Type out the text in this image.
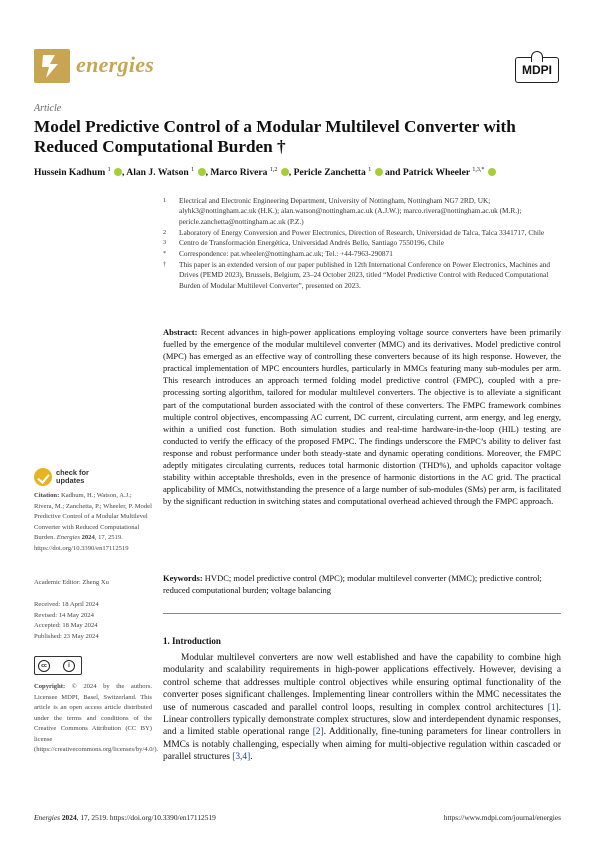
energies	MDPI
Article
Model Predictive Control of a Modular Multilevel Converter with Reduced Computational Burden †
Hussein Kadhum $^1$ , Alan J. Watson $^1$ , Marco Rivera $^{1,2}$ , Pericle Zanchetta $^1$  and Patrick Wheeler $^{1,3,*}$
1	Electrical and Electronic Engineering Department, University of Nottingham, Nottingham NG7 2RD, UK; alyhk3@nottingham.ac.uk (H.K.); alan.watson@nottingham.ac.uk (A.J.W.); marco.rivera@nottingham.ac.uk (M.R.); pericle.zanchetta@nottingham.ac.uk (P.Z.)
2	Laboratory of Energy Conversion and Power Electronics, Direction of Research, Universidad de Talca, Talca 3341717, Chile
3	Centro de Transformación Energética, Universidad Andrés Bello, Santiago 7550196, Chile
*	Correspondence: pat.wheeler@nottingham.ac.uk; Tel.: +44-7963-290871
†	This paper is an extended version of our paper published in 12th International Conference on Power Electronics, Machines and Drives (PEMD 2023), Brussels, Belgium, 23–24 October 2023, titled “Model Predictive Control with Reduced Computational Burden of Modular Multilevel Converter”, presented on 2023.
Abstract: Recent advances in high-power applications employing voltage source converters have been primarily fuelled by the emergence of the modular multilevel converter (MMC) and its derivatives. Model predictive control (MPC) has emerged as an effective way of controlling these converters because of its high response. However, the practical implementation of MPC encounters hurdles, particularly in MMCs featuring many sub-modules per arm. This research introduces an approach termed folding model predictive control (FMPC), coupled with a pre-processing sorting algorithm, tailored for modular multilevel converters. The objective is to alleviate a significant part of the computational burden associated with the control of these converters. The FMPC framework combines multiple control objectives, encompassing AC current, DC current, circulating current, arm energy, and leg energy, within a unified cost function. Both simulation studies and real-time hardware-in-the-loop (HIL) testing are conducted to verify the efficacy of the proposed FMPC. The findings underscore the FMPC’s ability to deliver fast response and robust performance under both steady-state and dynamic operating conditions. Moreover, the FMPC adeptly mitigates circulating currents, reduces total harmonic distortion (THD%), and upholds capacitor voltage stability within acceptable thresholds, even in the presence of harmonic distortions in the AC grid. The practical applicability of MMCs, notwithstanding the presence of a large number of sub-modules (SMs) per arm, is facilitated by the significant reduction in switching states and computational overhead achieved through the FMPC approach.
Keywords: HVDC; model predictive control (MPC); modular multilevel converter (MMC); predictive control; reduced computational burden; voltage balancing
1. Introduction
Modular multilevel converters are now well established and have the capability to combine high modularity and scalability requirements in high-power applications effectively. However, devising a control scheme that addresses multiple control objectives while ensuring optimal functionality of the converter poses significant challenges. Implementing linear controllers within the MMC necessitates the use of numerous cascaded and parallel control loops, resulting in complex control architectures [1]. Linear controllers typically demonstrate complex structures, slow and interdependent dynamic responses, and a limited stable operational range [2]. Additionally, fine-tuning parameters for linear controllers in MMCs is notably challenging, especially when aiming for multi-objective regulation within cascaded or parallel structures [3,4].
check for
updates
Citation: Kadhum, H.; Watson, A.J.; Rivera, M.; Zanchetta, P.; Wheeler, P. Model Predictive Control of a Modular Multilevel Converter with Reduced Computational Burden. Energies 2024, 17, 2519. https://doi.org/10.3390/en17112519
Academic Editor: Zheng Xu
Received: 18 April 2024
Revised: 14 May 2024
Accepted: 18 May 2024
Published: 23 May 2024
cc	i
Copyright: © 2024 by the authors. Licensee MDPI, Basel, Switzerland. This article is an open access article distributed under the terms and conditions of the Creative Commons Attribution (CC BY) license (https://creativecommons.org/licenses/by/4.0/).
Energies 2024, 17, 2519. https://doi.org/10.3390/en17112519	https://www.mdpi.com/journal/energies
